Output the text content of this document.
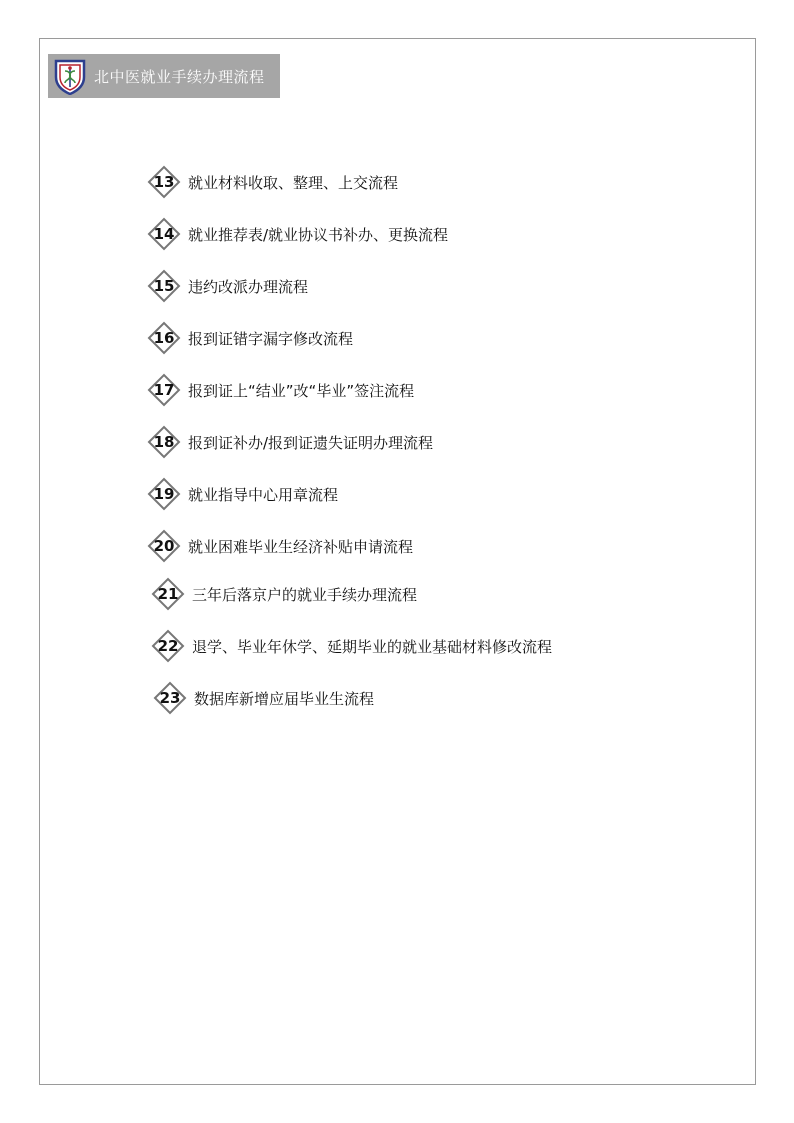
北中医就业手续办理流程
13 就业材料收取、整理、上交流程
14 就业推荐表/就业协议书补办、更换流程
15 违约改派办理流程
16 报到证错字漏字修改流程
17 报到证上“结业”改“毕业”签注流程
18 报到证补办/报到证遗失证明办理流程
19 就业指导中心用章流程
20 就业困难毕业生经济补贴申请流程
21 三年后落京户的就业手续办理流程
22 退学、毕业年休学、延期毕业的就业基础材料修改流程
23 数据库新增应届毕业生流程
